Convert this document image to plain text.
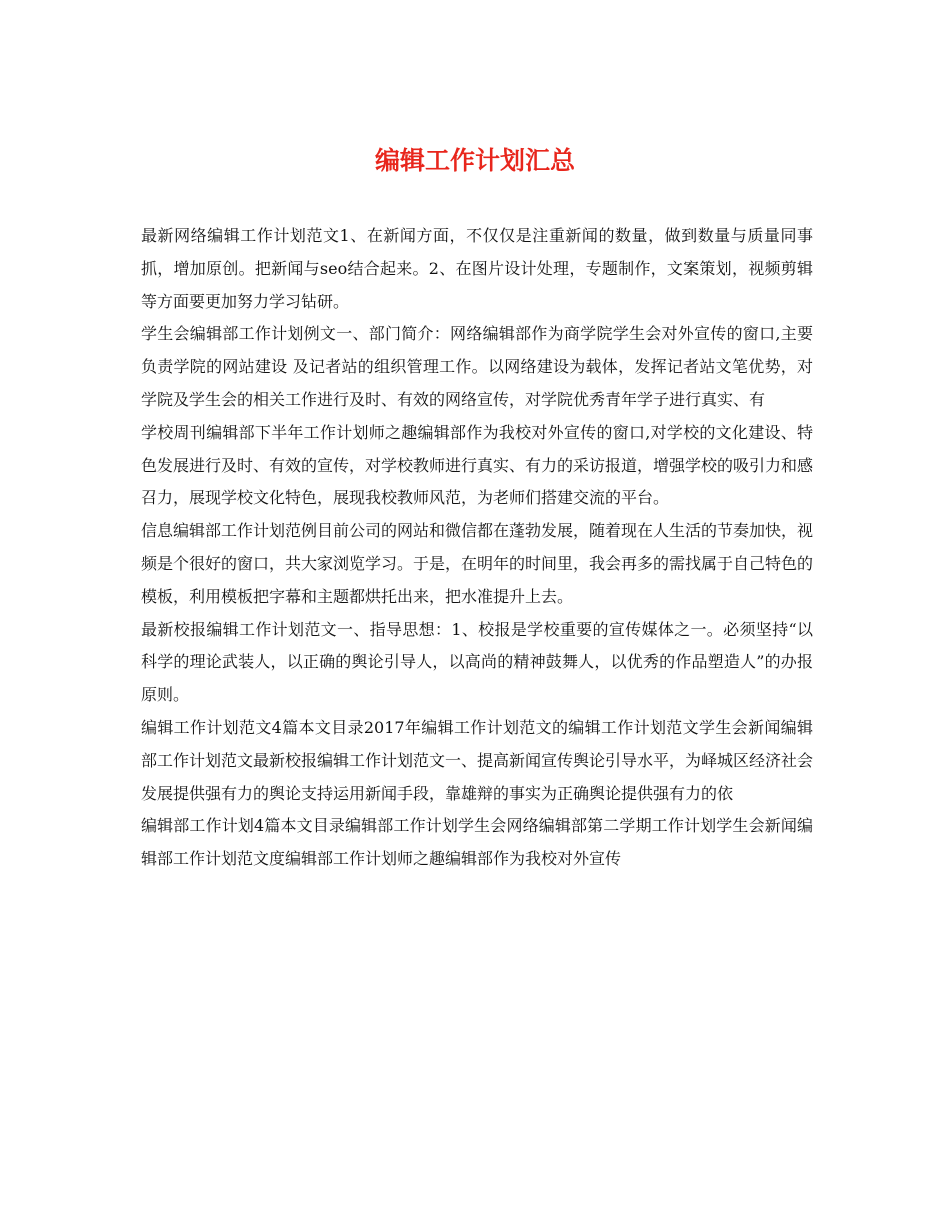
编辑工作计划汇总

最新网络编辑工作计划范文1、在新闻方面，不仅仅是注重新闻的数量，做到数量与质量同事抓，增加原创。把新闻与seo结合起来。2、在图片设计处理，专题制作，文案策划，视频剪辑等方面要更加努力学习钻研。

学生会编辑部工作计划例文一、部门简介：网络编辑部作为商学院学生会对外宣传的窗口,主要负责学院的网站建设 及记者站的组织管理工作。以网络建设为载体，发挥记者站文笔优势，对学院及学生会的相关工作进行及时、有效的网络宣传，对学院优秀青年学子进行真实、有

学校周刊编辑部下半年工作计划师之趣编辑部作为我校对外宣传的窗口,对学校的文化建设、特色发展进行及时、有效的宣传，对学校教师进行真实、有力的采访报道，增强学校的吸引力和感召力，展现学校文化特色，展现我校教师风范，为老师们搭建交流的平台。

信息编辑部工作计划范例目前公司的网站和微信都在蓬勃发展，随着现在人生活的节奏加快，视频是个很好的窗口，共大家浏览学习。于是，在明年的时间里，我会再多的需找属于自己特色的模板，利用模板把字幕和主题都烘托出来，把水准提升上去。

最新校报编辑工作计划范文一、指导思想：1、校报是学校重要的宣传媒体之一。必须坚持“以科学的理论武装人，以正确的舆论引导人，以高尚的精神鼓舞人，以优秀的作品塑造人”的办报原则。

编辑工作计划范文4篇本文目录2017年编辑工作计划范文的编辑工作计划范文学生会新闻编辑部工作计划范文最新校报编辑工作计划范文一、提高新闻宣传舆论引导水平，为峄城区经济社会发展提供强有力的舆论支持运用新闻手段，靠雄辩的事实为正确舆论提供强有力的依

编辑部工作计划4篇本文目录编辑部工作计划学生会网络编辑部第二学期工作计划学生会新闻编辑部工作计划范文度编辑部工作计划师之趣编辑部作为我校对外宣传
